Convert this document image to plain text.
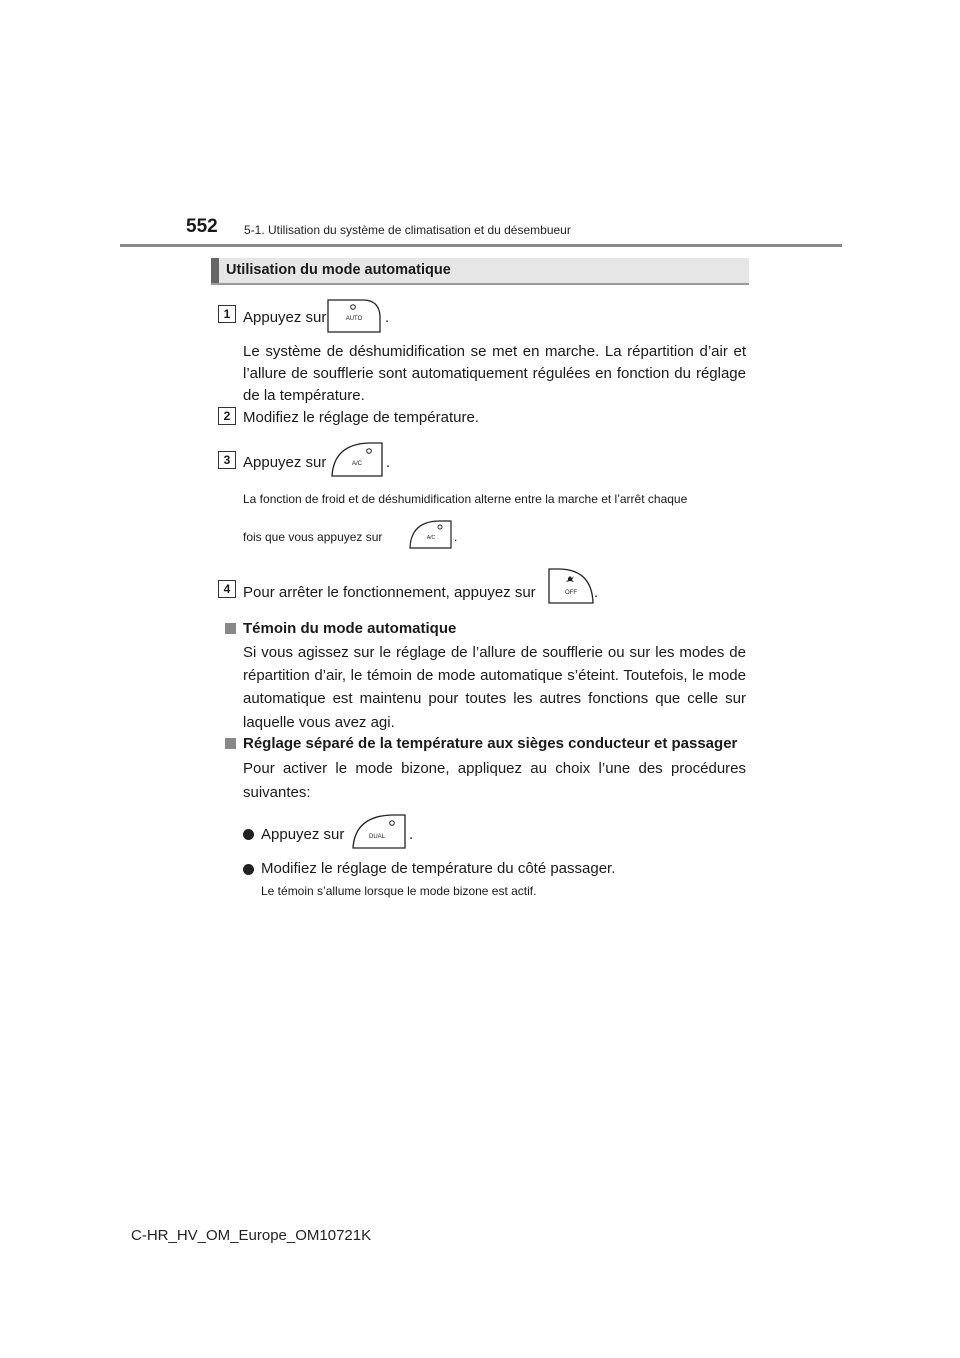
552 5-1. Utilisation du système de climatisation et du désembueur
Utilisation du mode automatique
1 Appuyez sur	AUTO .
Le système de déshumidification se met en marche. La répartition d’air et l’allure de soufflerie sont automatiquement régulées en fonction du réglage de la température.
2 Modifiez le réglage de température.
3 Appuyez sur	A/C .
La fonction de froid et de déshumidification alterne entre la marche et l’arrêt chaque
fois que vous appuyez sur	A/C .
4 Pour arrêter le fonctionnement, appuyez sur	OFF .
Témoin du mode automatique
Si vous agissez sur le réglage de l’allure de soufflerie ou sur les modes de répartition d’air, le témoin de mode automatique s’éteint. Toutefois, le mode automatique est maintenu pour toutes les autres fonctions que celle sur laquelle vous avez agi.
Réglage séparé de la température aux sièges conducteur et passager
Pour activer le mode bizone, appliquez au choix l’une des procédures suivantes:
Appuyez sur	DUAL .
Modifiez le réglage de température du côté passager.
Le témoin s’allume lorsque le mode bizone est actif.
C-HR_HV_OM_Europe_OM10721K
